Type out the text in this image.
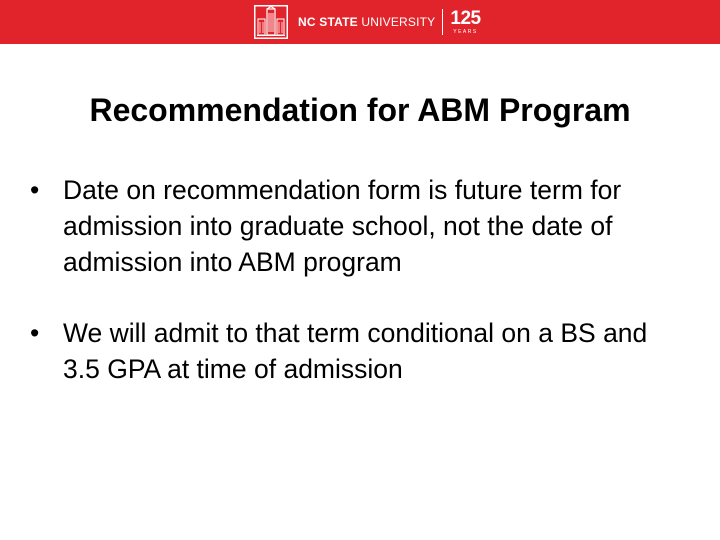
NC STATE UNIVERSITY 125
YEARS
Recommendation for ABM Program
• Date on recommendation form is future term for admission into graduate school, not the date of admission into ABM program
• We will admit to that term conditional on a BS and 3.5 GPA at time of admission
